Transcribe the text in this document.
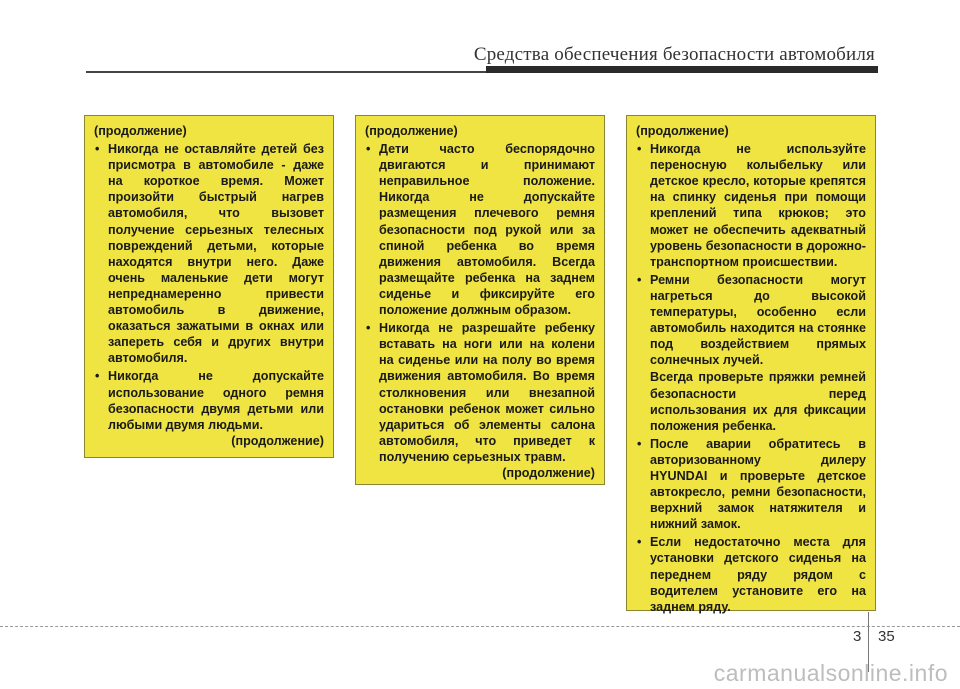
Средства обеспечения безопасности автомобиля
(продолжение)
• Никогда не оставляйте детей без присмотра в автомобиле - даже на короткое время. Может произойти быстрый нагрев автомобиля, что вызовет получение серьезных телесных повреждений детьми, которые находятся внутри него. Даже очень маленькие дети могут непреднамеренно привести автомобиль в движение, оказаться зажатыми в окнах или запереть себя и других внутри автомобиля.
• Никогда не допускайте использование одного ремня безопасности двумя детьми или любыми двумя людьми.
(продолжение)
(продолжение)
• Дети часто беспорядочно двигаются и принимают неправильное положение. Никогда не допускайте размещения плечевого ремня безопасности под рукой или за спиной ребенка во время движения автомобиля. Всегда размещайте ребенка на заднем сиденье и фиксируйте его положение должным образом.
• Никогда не разрешайте ребенку вставать на ноги или на колени на сиденье или на полу во время движения автомобиля. Во время столкновения или внезапной остановки ребенок может сильно удариться об элементы салона автомобиля, что приведет к получению серьезных травм.
(продолжение)
(продолжение)
• Никогда не используйте переносную колыбельку или детское кресло, которые крепятся на спинку сиденья при помощи креплений типа крюков; это может не обеспечить адекватный уровень безопасности в дорожно-транспортном происшествии.
• Ремни безопасности могут нагреться до высокой температуры, особенно если автомобиль находится на стоянке под воздействием прямых солнечных лучей.
Всегда проверьте пряжки ремней безопасности перед использования их для фиксации положения ребенка.
• После аварии обратитесь в авторизованному дилеру HYUNDAI и проверьте детское автокресло, ремни безопасности, верхний замок натяжителя и нижний замок.
• Если недостаточно места для установки детского сиденья на переднем ряду рядом с водителем установите его на заднем ряду.
3 35
carmanualsonline.info
